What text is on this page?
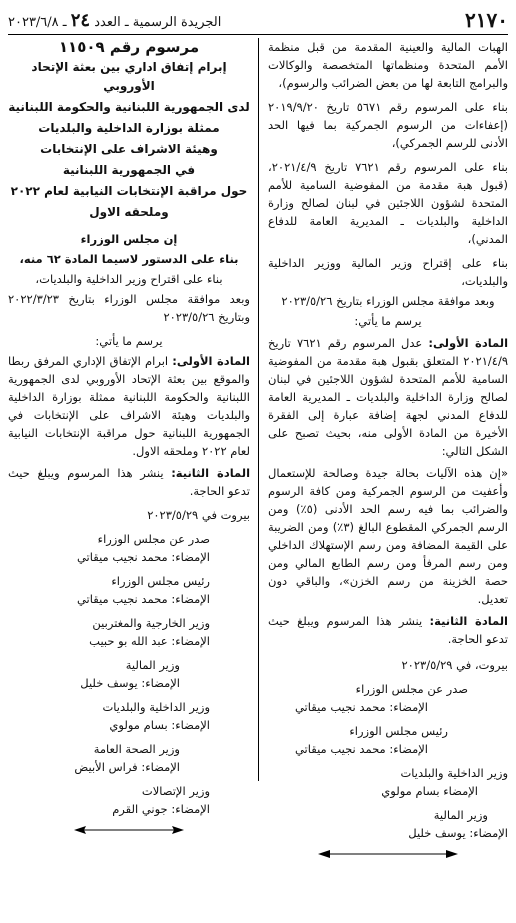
٢١٧٠
الجريدة الرسمية ـ العدد ٢٤ ـ ٢٠٢٣/٦/٨

الهبات المالية والعينية المقدمة من قبل منظمة الأمم المتحدة ومنظماتها المتخصصة والوكالات والبرامج التابعة لها من بعض الضرائب والرسوم)،

بناء على المرسوم رقم ٥٦٧١ تاريخ ٢٠١٩/٩/٢٠ (إعفاءات من الرسوم الجمركية بما فيها الحد الأدنى للرسم الجمركي)،

بناء على المرسوم رقم ٧٦٢١ تاريخ ٢٠٢١/٤/٩، (قبول هبة مقدمة من المفوضية السامية للأمم المتحدة لشؤون اللاجئين في لبنان لصالح وزارة الداخلية والبلديات ـ المديرية العامة للدفاع المدني)،

بناء على إقتراح وزير المالية ووزير الداخلية والبلديات،

وبعد موافقة مجلس الوزراء بتاريخ ٢٠٢٣/٥/٢٦

يرسم ما يأتي:

المادة الأولى: عدل المرسوم رقم ٧٦٢١ تاريخ ٢٠٢١/٤/٩ المتعلق بقبول هبة مقدمة من المفوضية السامية للأمم المتحدة لشؤون اللاجئين في لبنان لصالح وزارة الداخلية والبلديات ـ المديرية العامة للدفاع المدني لجهة إضافة عبارة إلى الفقرة الأخيرة من المادة الأولى منه، بحيث تصبح على الشكل التالي:

«إن هذه الآليات بحالة جيدة وصالحة للإستعمال وأعفيت من الرسوم الجمركية ومن كافة الرسوم والضرائب بما فيه رسم الحد الأدنى (٥٪) ومن الرسم الجمركي المقطوع البالغ (٣٪) ومن الضريبة على القيمة المضافة ومن رسم الإستهلاك الداخلي ومن رسم المرفأ ومن رسم الطابع المالي ومن حصة الخزينة من رسم الخزن»، والباقي دون تعديل.

المادة الثانية: ينشر هذا المرسوم ويبلغ حيث تدعو الحاجة.

بيروت، في ٢٠٢٣/٥/٢٩

صدر عن مجلس الوزراء
الإمضاء: محمد نجيب ميقاتي
رئيس مجلس الوزراء
الإمضاء: محمد نجيب ميقاتي
وزير الداخلية والبلديات
الإمضاء بسام مولوي
وزير المالية
الإمضاء: يوسف خليل

مرسوم رقم ١١٥٠٩

إبرام إتفاق اداري بين بعثة الإتحاد الأوروبي

لدى الجمهورية اللبنانية والحكومة اللبنانية

ممثلة بوزارة الداخلية والبلديات

وهيئة الاشراف على الإنتخابات

في الجمهورية اللبنانية

حول مراقبة الإنتخابات النيابية لعام ٢٠٢٢

وملحقه الاول

إن مجلس الوزراء

بناء على الدستور لاسيما المادة ٦٢ منه،

بناء على اقتراح وزير الداخلية والبلديات،

وبعد موافقة مجلس الوزراء بتاريخ ٢٠٢٢/٣/٢٣ وبتاريخ ٢٠٢٣/٥/٢٦

يرسم ما يأتي:

المادة الأولى: ابرام الإتفاق الإداري المرفق ربطا والموقع بين بعثة الإتحاد الأوروبي لدى الجمهورية اللبنانية والحكومة اللبنانية ممثلة بوزارة الداخلية والبلديات وهيئة الاشراف على الإنتخابات في الجمهورية اللبنانية حول مراقبة الإنتخابات النيابية لعام ٢٠٢٢ وملحقه الاول.

المادة الثانية: ينشر هذا المرسوم ويبلغ حيث تدعو الحاجة.

بيروت في ٢٠٢٣/٥/٢٩

صدر عن مجلس الوزراء
الإمضاء: محمد نجيب ميقاتي
رئيس مجلس الوزراء
الإمضاء: محمد نجيب ميقاتي
وزير الخارجية والمغتربين
الإمضاء: عبد الله بو حبيب
وزير المالية
الإمضاء: يوسف خليل
وزير الداخلية والبلديات
الإمضاء: بسام مولوي
وزير الصحة العامة
الإمضاء: فراس الأبيض
وزير الإتصالات
الإمضاء: جوني القرم
